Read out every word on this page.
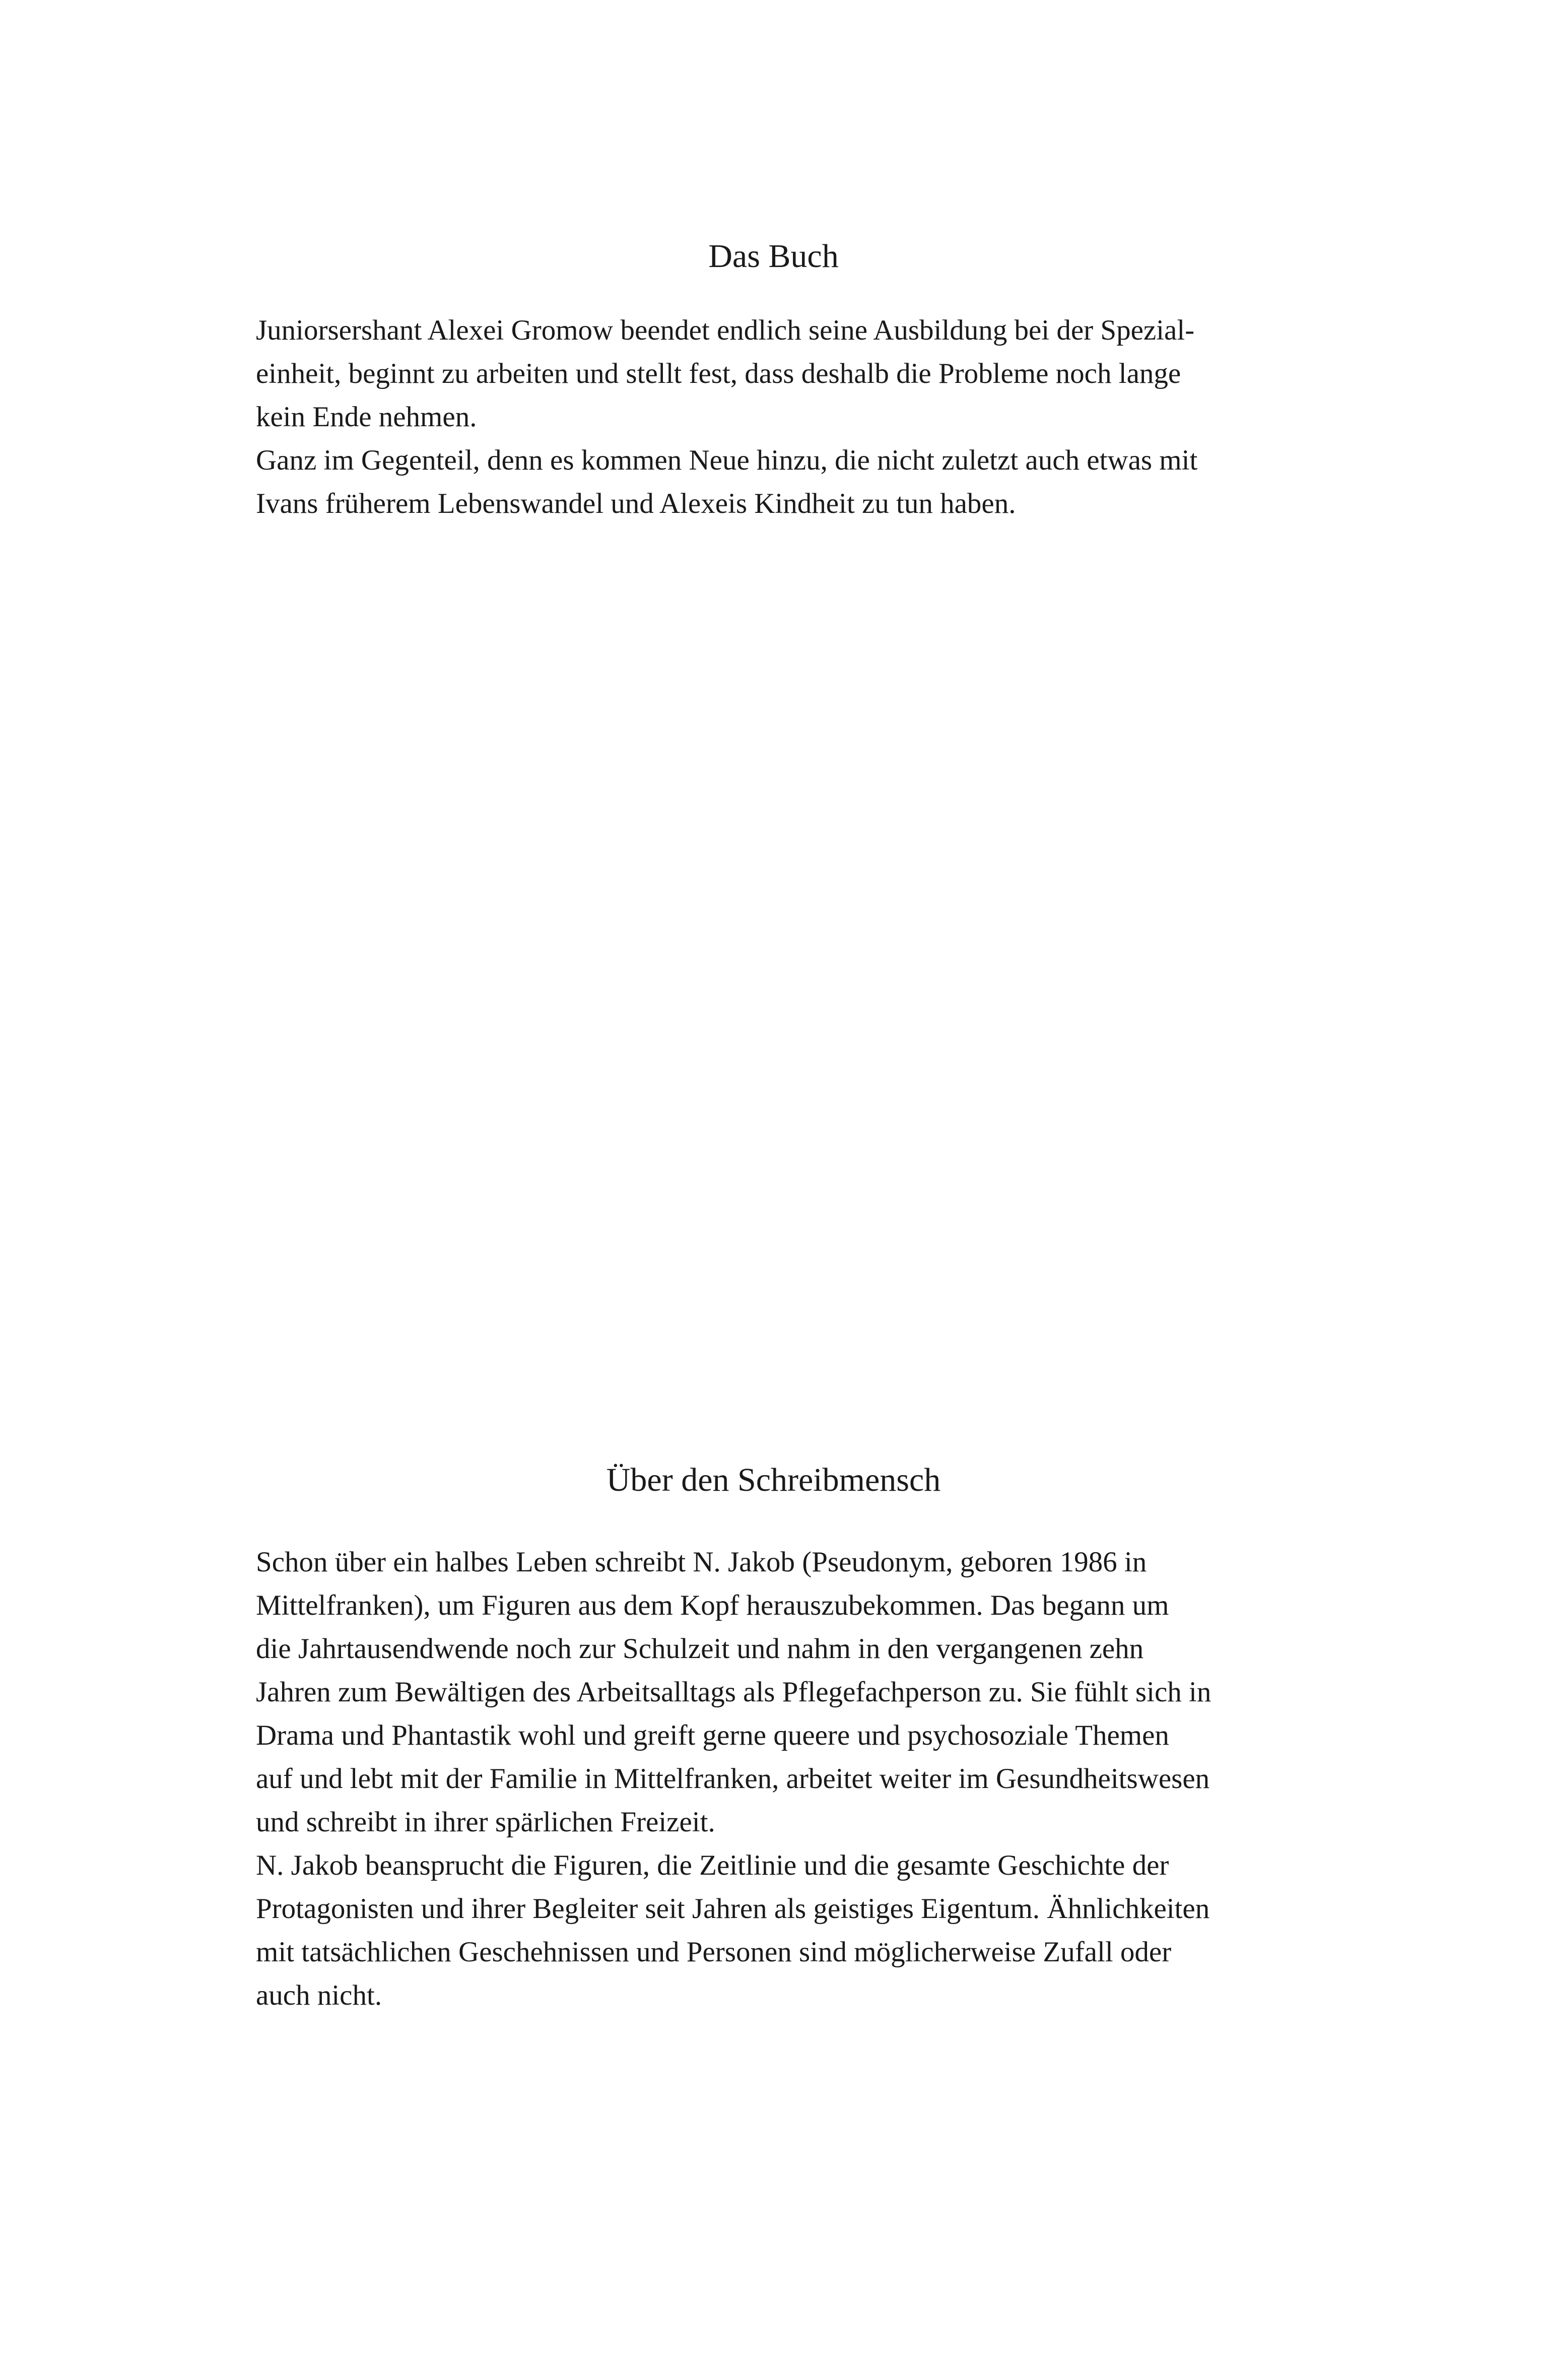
Das Buch
Juniorsershant Alexei Gromow beendet endlich seine Ausbildung bei der Spezial-
einheit, beginnt zu arbeiten und stellt fest, dass deshalb die Probleme noch lange
kein Ende nehmen.
Ganz im Gegenteil, denn es kommen Neue hinzu, die nicht zuletzt auch etwas mit
Ivans früherem Lebenswandel und Alexeis Kindheit zu tun haben.
Über den Schreibmensch
Schon über ein halbes Leben schreibt N. Jakob (Pseudonym, geboren 1986 in
Mittelfranken), um Figuren aus dem Kopf herauszubekommen. Das begann um
die Jahrtausendwende noch zur Schulzeit und nahm in den vergangenen zehn
Jahren zum Bewältigen des Arbeitsalltags als Pflegefachperson zu. Sie fühlt sich in
Drama und Phantastik wohl und greift gerne queere und psychosoziale Themen
auf und lebt mit der Familie in Mittelfranken, arbeitet weiter im Gesundheitswesen
und schreibt in ihrer spärlichen Freizeit.
N. Jakob beansprucht die Figuren, die Zeitlinie und die gesamte Geschichte der
Protagonisten und ihrer Begleiter seit Jahren als geistiges Eigentum. Ähnlichkeiten
mit tatsächlichen Geschehnissen und Personen sind möglicherweise Zufall oder
auch nicht.
